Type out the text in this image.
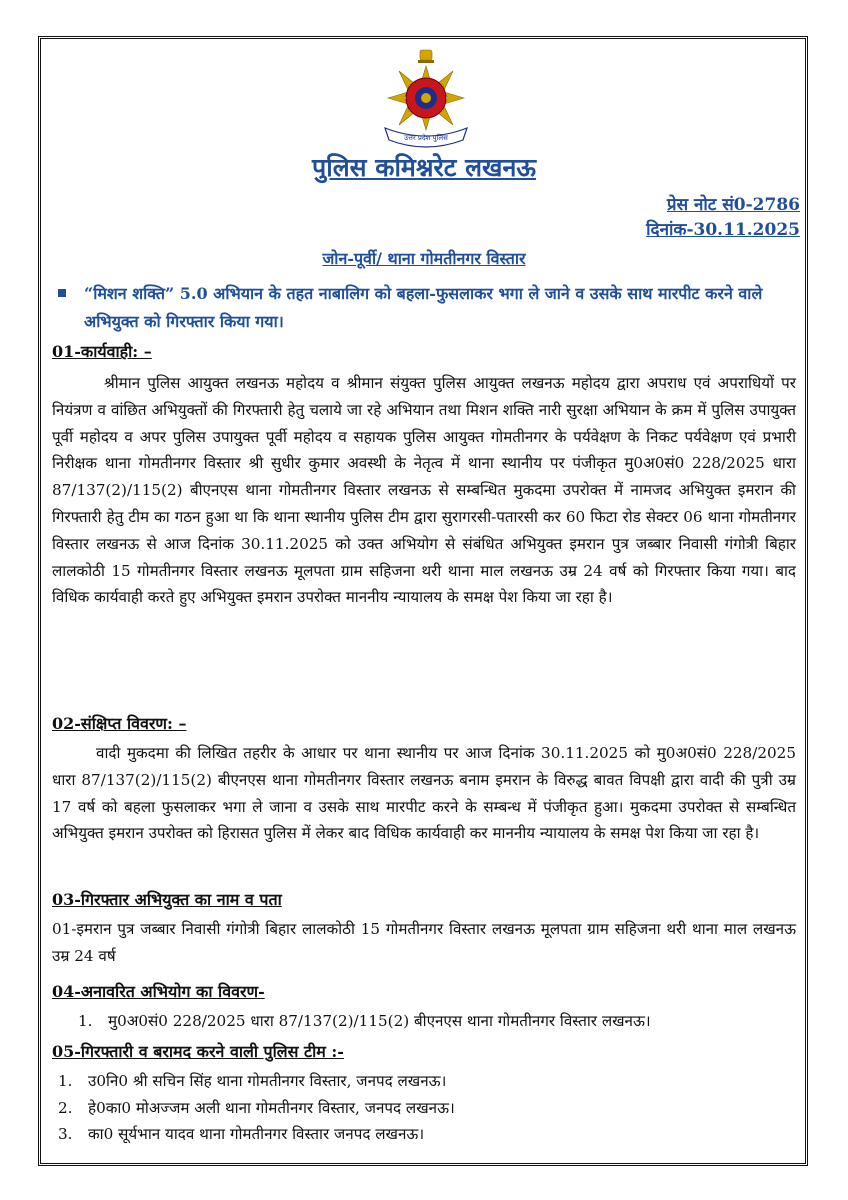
उत्तर प्रदेश पुलिस
पुलिस कमिश्नरेट लखनऊ
प्रेस नोट सं0-2786
दिनांक-30.11.2025
जोन-पूर्वी/ थाना गोमतीनगर विस्तार
“मिशन शक्ति” 5.0 अभियान के तहत नाबालिग को बहला-फुसलाकर भगा ले जाने व उसके साथ मारपीट करने वाले अभियुक्त को गिरफ्तार किया गया।
01-कार्यवाही: –
श्रीमान पुलिस आयुक्त लखनऊ महोदय व श्रीमान संयुक्त पुलिस आयुक्त लखनऊ महोदय द्वारा अपराध एवं अपराधियों पर नियंत्रण व वांछित अभियुक्तों की गिरफ्तारी हेतु चलाये जा रहे अभियान तथा मिशन शक्ति नारी सुरक्षा अभियान के क्रम में पुलिस उपायुक्त पूर्वी महोदय व अपर पुलिस उपायुक्त पूर्वी महोदय व सहायक पुलिस आयुक्त गोमतीनगर के पर्यवेक्षण के निकट पर्यवेक्षण एवं प्रभारी निरीक्षक थाना गोमतीनगर विस्तार श्री सुधीर कुमार अवस्थी के नेतृत्व में थाना स्थानीय पर पंजीकृत मु0अ0सं0 228/2025 धारा 87/137(2)/115(2) बीएनएस थाना गोमतीनगर विस्तार लखनऊ से सम्बन्धित मुकदमा उपरोक्त में नामजद अभियुक्त इमरान की गिरफ्तारी हेतु टीम का गठन हुआ था कि थाना स्थानीय पुलिस टीम द्वारा सुरागरसी-पतारसी कर 60 फिटा रोड सेक्टर 06 थाना गोमतीनगर विस्तार लखनऊ से आज दिनांक 30.11.2025 को उक्त अभियोग से संबंधित अभियुक्त इमरान पुत्र जब्बार निवासी गंगोत्री बिहार लालकोठी 15 गोमतीनगर विस्तार लखनऊ मूलपता ग्राम सहिजना थरी थाना माल लखनऊ उम्र 24 वर्ष को गिरफ्तार किया गया। बाद विधिक कार्यवाही करते हुए अभियुक्त इमरान उपरोक्त माननीय न्यायालय के समक्ष पेश किया जा रहा है।
02-संक्षिप्त विवरण: –
वादी मुकदमा की लिखित तहरीर के आधार पर थाना स्थानीय पर आज दिनांक 30.11.2025 को मु0अ0सं0 228/2025 धारा 87/137(2)/115(2) बीएनएस थाना गोमतीनगर विस्तार लखनऊ बनाम इमरान के विरुद्ध बावत विपक्षी द्वारा वादी की पुत्री उम्र 17 वर्ष को बहला फुसलाकर भगा ले जाना व उसके साथ मारपीट करने के सम्बन्ध में पंजीकृत हुआ। मुकदमा उपरोक्त से सम्बन्धित अभियुक्त इमरान उपरोक्त को हिरासत पुलिस में लेकर बाद विधिक कार्यवाही कर माननीय न्यायालय के समक्ष पेश किया जा रहा है।
03-गिरफ्तार अभियुक्त का नाम व पता
01-इमरान पुत्र जब्बार निवासी गंगोत्री बिहार लालकोठी 15 गोमतीनगर विस्तार लखनऊ मूलपता ग्राम सहिजना थरी थाना माल लखनऊ उम्र 24 वर्ष
04-अनावरित अभियोग का विवरण-
1.	मु0अ0सं0 228/2025 धारा 87/137(2)/115(2) बीएनएस थाना गोमतीनगर विस्तार लखनऊ।
05-गिरफ्तारी व बरामद करने वाली पुलिस टीम :-
1.	उ0नि0 श्री सचिन सिंह थाना गोमतीनगर विस्तार, जनपद लखनऊ।
2.	हे0का0 मोअज्जम अली थाना गोमतीनगर विस्तार, जनपद लखनऊ।
3.	का0 सूर्यभान यादव थाना गोमतीनगर विस्तार जनपद लखनऊ।
